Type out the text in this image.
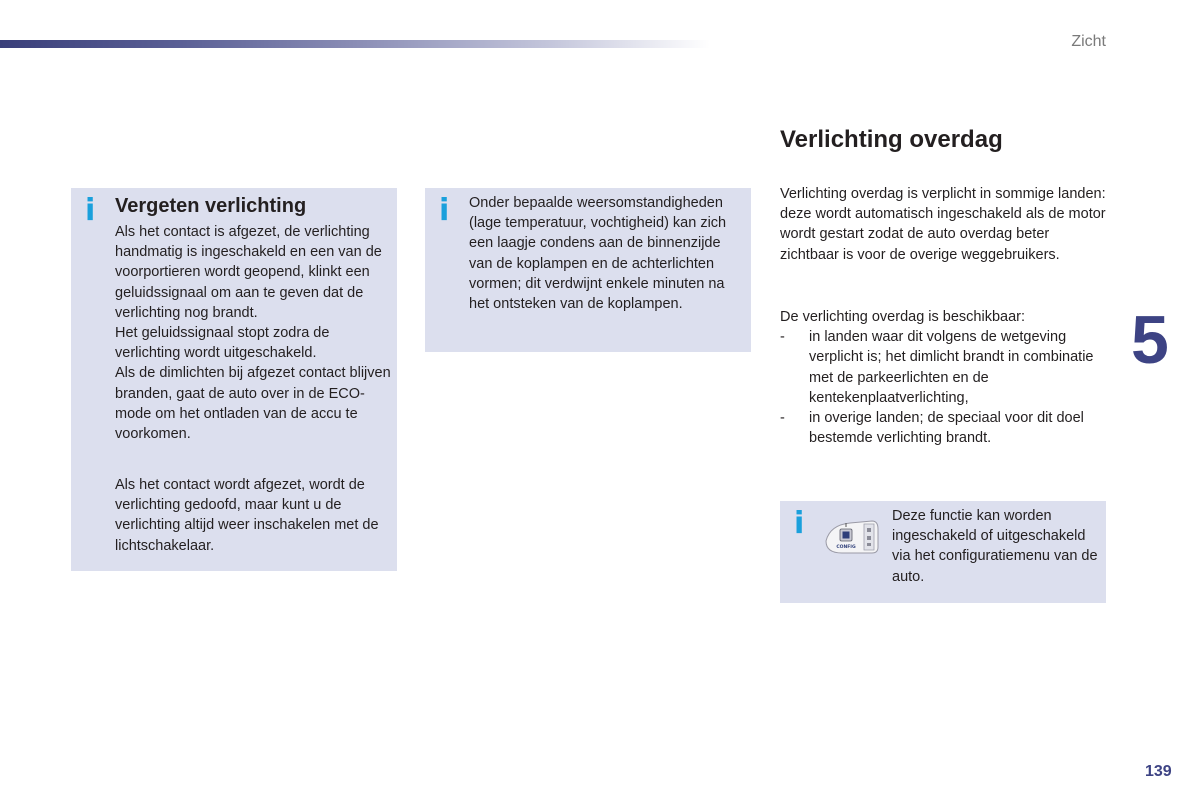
Zicht
i Vergeten verlichting

Als het contact is afgezet, de verlichting handmatig is ingeschakeld en een van de voorportieren wordt geopend, klinkt een geluidssignaal om aan te geven dat de verlichting nog brandt.

Het geluidssignaal stopt zodra de verlichting wordt uitgeschakeld.

Als de dimlichten bij afgezet contact blijven branden, gaat de auto over in de ECO-mode om het ontladen van de accu te voorkomen.

Als het contact wordt afgezet, wordt de verlichting gedoofd, maar kunt u de verlichting altijd weer inschakelen met de lichtschakelaar.

i Onder bepaalde weersomstandigheden (lage temperatuur, vochtigheid) kan zich een laagje condens aan de binnenzijde van de koplampen en de achterlichten vormen; dit verdwijnt enkele minuten na het ontsteken van de koplampen.

Verlichting overdag

Verlichting overdag is verplicht in sommige landen: deze wordt automatisch ingeschakeld als de motor wordt gestart zodat de auto overdag beter zichtbaar is voor de overige weggebruikers.

De verlichting overdag is beschikbaar:

- in landen waar dit volgens de wetgeving verplicht is; het dimlicht brandt in combinatie met de parkeerlichten en de kentekenplaatverlichting,
- in overige landen; de speciaal voor dit doel bestemde verlichting brandt.
i	Deze functie kan worden ingeschakeld of uitgeschakeld via het configuratiemenu van de auto.

CONFIG
5
139
